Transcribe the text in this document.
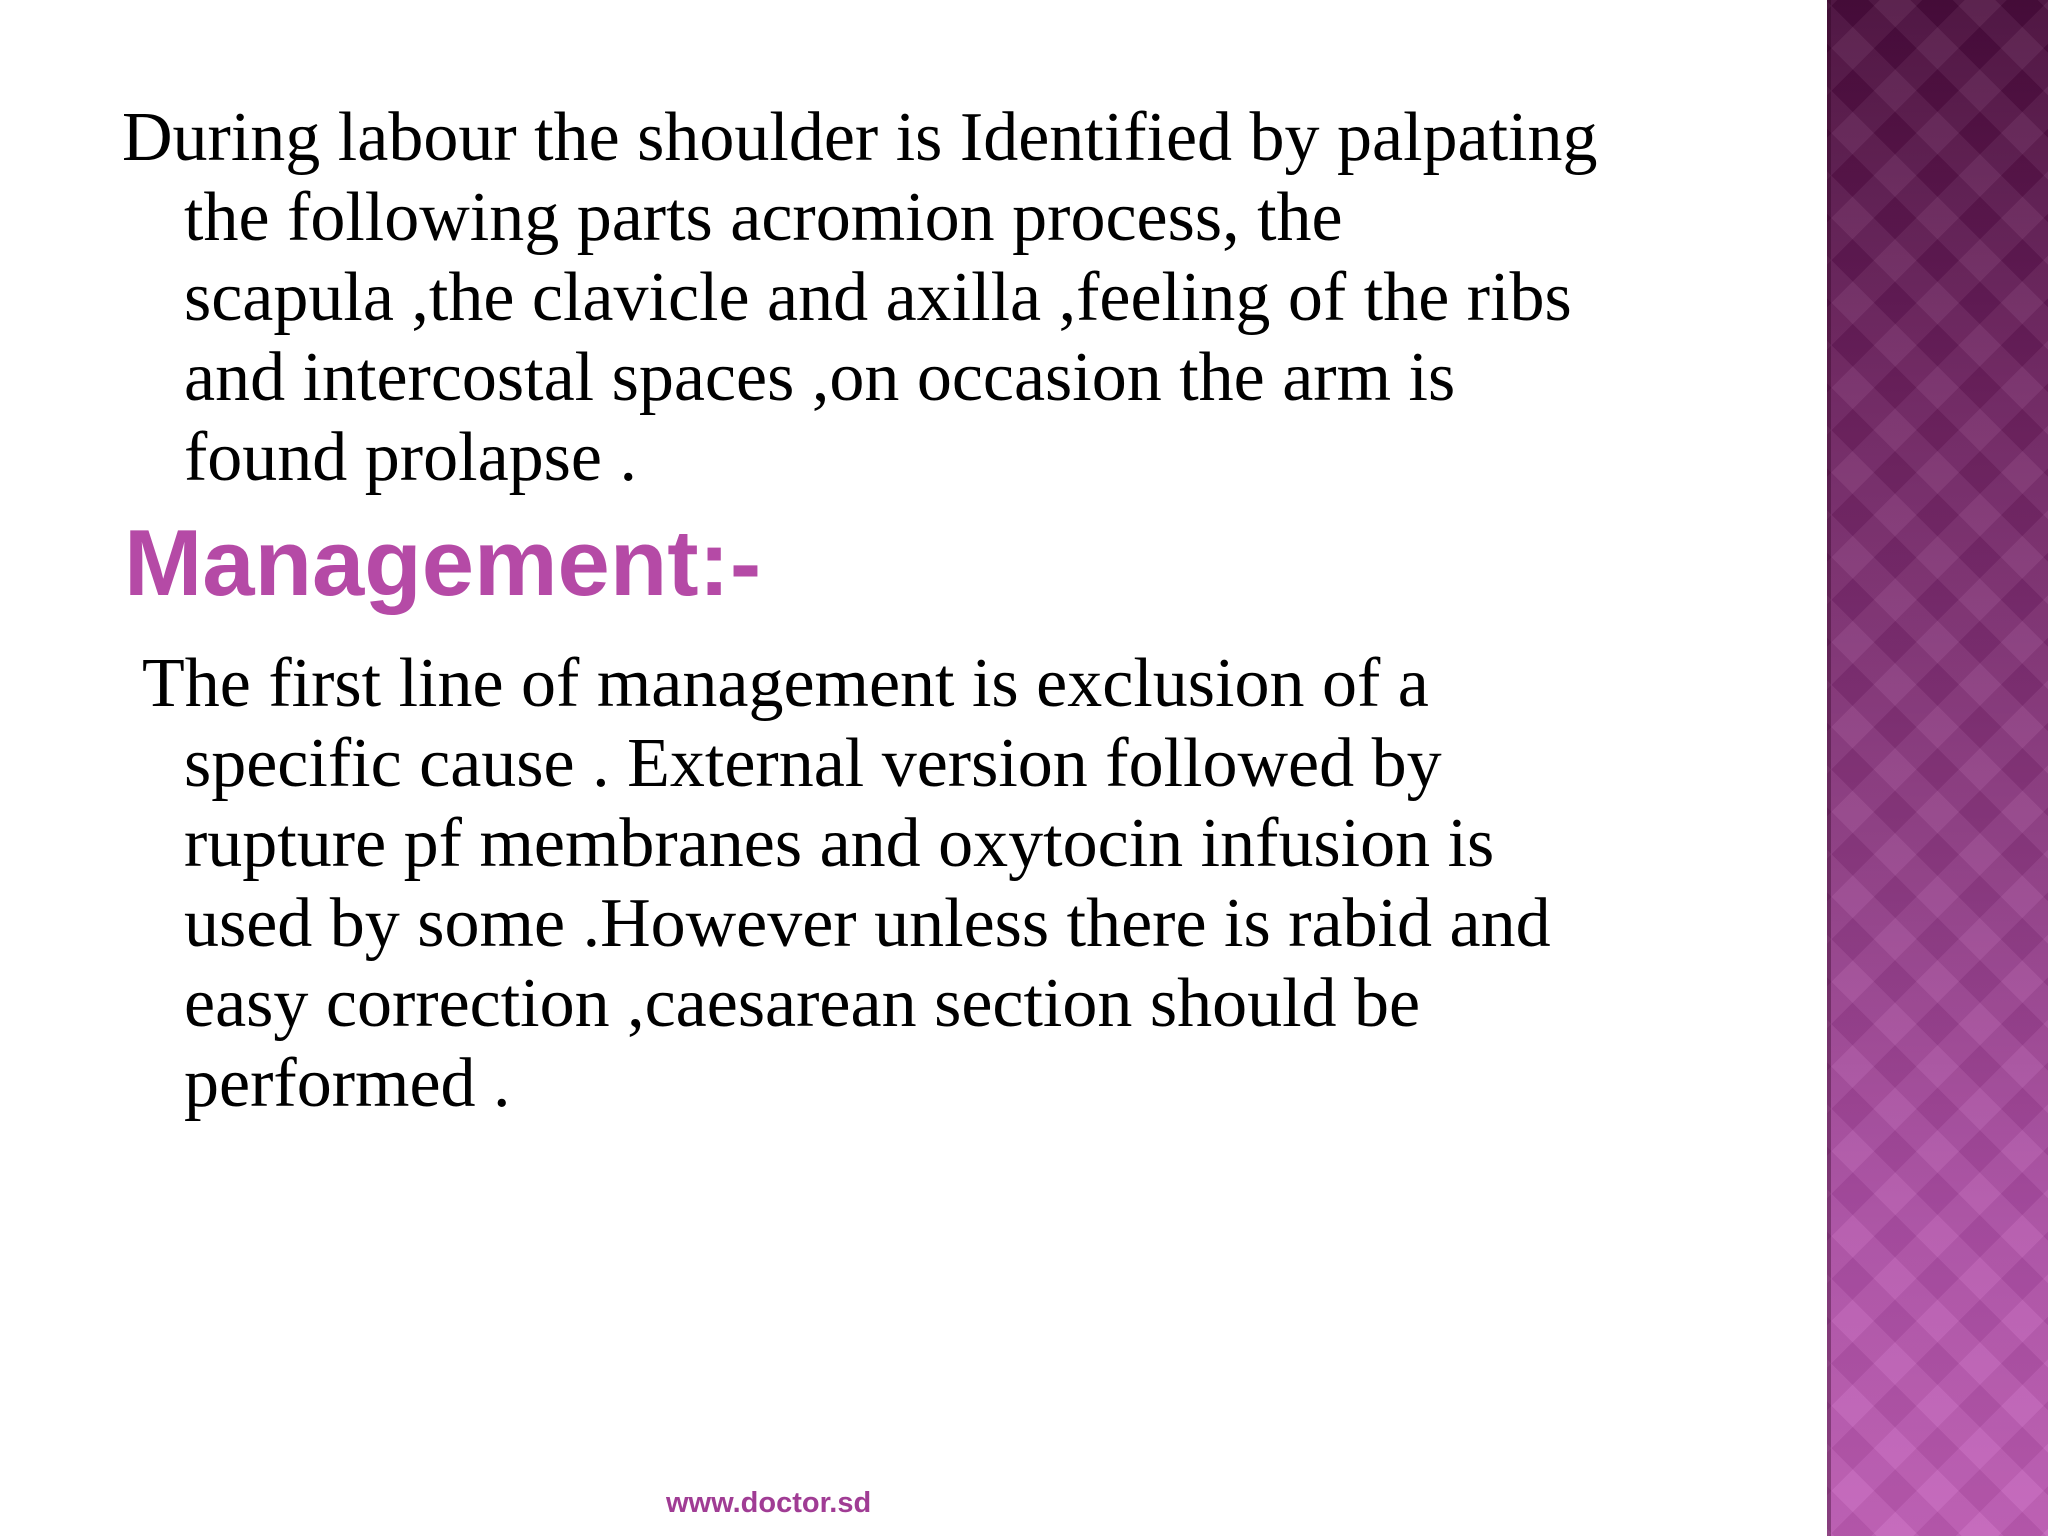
During labour the shoulder is Identified by palpating
the following parts acromion process, the
scapula ,the clavicle and axilla ,feeling of the ribs
and intercostal spaces ,on occasion the arm is
found prolapse .

Management:-

The first line of management is exclusion of a
specific cause . External version followed by
rupture pf membranes and oxytocin infusion is
used by some .However unless there is rabid and
easy correction ,caesarean section should be
performed .

www.doctor.sd
